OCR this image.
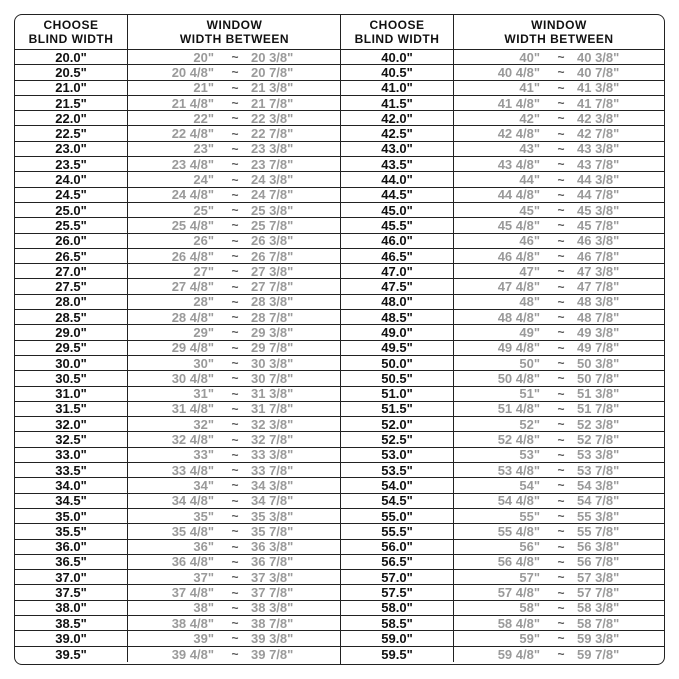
CHOOSE
BLIND WIDTH
WINDOW
WIDTH BETWEEN
20.0"	20"	~ 20 3/8"
20.5"	20 4/8"	~ 20 7/8"
21.0"	21"	~ 21 3/8"
21.5"	21 4/8"	~ 21 7/8"
22.0"	22"	~ 22 3/8"
22.5"	22 4/8"	~ 22 7/8"
23.0"	23"	~ 23 3/8"
23.5"	23 4/8"	~ 23 7/8"
24.0"	24"	~ 24 3/8"
24.5"	24 4/8"	~ 24 7/8"
25.0"	25"	~ 25 3/8"
25.5"	25 4/8"	~ 25 7/8"
26.0"	26"	~ 26 3/8"
26.5"	26 4/8"	~ 26 7/8"
27.0"	27"	~ 27 3/8"
27.5"	27 4/8"	~ 27 7/8"
28.0"	28"	~ 28 3/8"
28.5"	28 4/8"	~ 28 7/8"
29.0"	29"	~ 29 3/8"
29.5"	29 4/8"	~ 29 7/8"
30.0"	30"	~ 30 3/8"
30.5"	30 4/8"	~ 30 7/8"
31.0"	31"	~ 31 3/8"
31.5"	31 4/8"	~ 31 7/8"
32.0"	32"	~ 32 3/8"
32.5"	32 4/8"	~ 32 7/8"
33.0"	33"	~ 33 3/8"
33.5"	33 4/8"	~ 33 7/8"
34.0"	34"	~ 34 3/8"
34.5"	34 4/8"	~ 34 7/8"
35.0"	35"	~ 35 3/8"
35.5"	35 4/8"	~ 35 7/8"
36.0"	36"	~ 36 3/8"
36.5"	36 4/8"	~ 36 7/8"
37.0"	37"	~ 37 3/8"
37.5"	37 4/8"	~ 37 7/8"
38.0"	38"	~ 38 3/8"
38.5"	38 4/8"	~ 38 7/8"
39.0"	39"	~ 39 3/8"
39.5"	39 4/8"	~ 39 7/8"
CHOOSE
BLIND WIDTH
WINDOW
WIDTH BETWEEN
40.0"	40"	~ 40 3/8"
40.5"	40 4/8"	~ 40 7/8"
41.0"	41"	~ 41 3/8"
41.5"	41 4/8"	~ 41 7/8"
42.0"	42"	~ 42 3/8"
42.5"	42 4/8"	~ 42 7/8"
43.0"	43"	~ 43 3/8"
43.5"	43 4/8"	~ 43 7/8"
44.0"	44"	~ 44 3/8"
44.5"	44 4/8"	~ 44 7/8"
45.0"	45"	~ 45 3/8"
45.5"	45 4/8"	~ 45 7/8"
46.0"	46"	~ 46 3/8"
46.5"	46 4/8"	~ 46 7/8"
47.0"	47"	~ 47 3/8"
47.5"	47 4/8"	~ 47 7/8"
48.0"	48"	~ 48 3/8"
48.5"	48 4/8"	~ 48 7/8"
49.0"	49"	~ 49 3/8"
49.5"	49 4/8"	~ 49 7/8"
50.0"	50"	~ 50 3/8"
50.5"	50 4/8"	~ 50 7/8"
51.0"	51"	~ 51 3/8"
51.5"	51 4/8"	~ 51 7/8"
52.0"	52"	~ 52 3/8"
52.5"	52 4/8"	~ 52 7/8"
53.0"	53"	~ 53 3/8"
53.5"	53 4/8"	~ 53 7/8"
54.0"	54"	~ 54 3/8"
54.5"	54 4/8"	~ 54 7/8"
55.0"	55"	~ 55 3/8"
55.5"	55 4/8"	~ 55 7/8"
56.0"	56"	~ 56 3/8"
56.5"	56 4/8"	~ 56 7/8"
57.0"	57"	~ 57 3/8"
57.5"	57 4/8"	~ 57 7/8"
58.0"	58"	~ 58 3/8"
58.5"	58 4/8"	~ 58 7/8"
59.0"	59"	~ 59 3/8"
59.5"	59 4/8"	~ 59 7/8"
